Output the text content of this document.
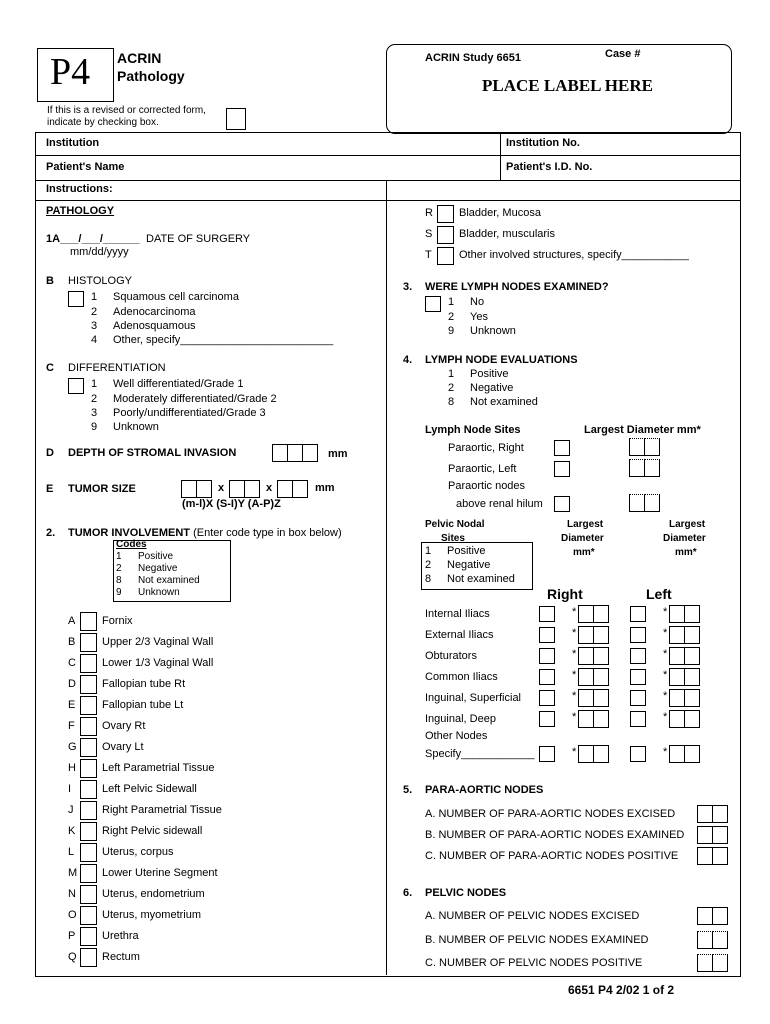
P4 ACRIN
Pathology
If this is a revised or corrected form,
indicate by checking box.
ACRIN Study 6651	Case #
PLACE LABEL HERE
Institution	Institution No.
Patient's Name	Patient's I.D. No.
Instructions:
PATHOLOGY
1A___/___/______ DATE OF SURGERY
mm/dd/yyyy
B HISTOLOGY
1 Squamous cell carcinoma
2 Adenocarcinoma
3 Adenosquamous
4 Other, specify_________________________
C DIFFERENTIATION
1 Well differentiated/Grade 1
2 Moderately differentiated/Grade 2
3 Poorly/undifferentiated/Grade 3
9 Unknown
D DEPTH OF STROMAL INVASION	mm
E TUMOR SIZE	x	x	mm
(m-l)X (S-I)Y (A-P)Z
2. TUMOR INVOLVEMENT (Enter code type in box below)
Codes
1 Positive
2 Negative
8 Not examined
9 Unknown
A Fornix
B Upper 2/3 Vaginal Wall
C Lower 1/3 Vaginal Wall
D Fallopian tube Rt
E Fallopian tube Lt
F Ovary Rt
G Ovary Lt
H Left Parametrial Tissue
I	Left Pelvic Sidewall
J	Right Parametrial Tissue
K Right Pelvic sidewall
L	Uterus, corpus
M Lower Uterine Segment
N Uterus, endometrium
O Uterus, myometrium
P Urethra
Q Rectum
R Bladder, Mucosa
S Bladder, muscularis
T Other involved structures, specify___________
3. WERE LYMPH NODES EXAMINED?
1 No
2 Yes
9 Unknown
4. LYMPH NODE EVALUATIONS
1 Positive
2 Negative
8 Not examined
Lymph Node Sites	Largest Diameter mm*
Paraortic, Right
Paraortic, Left
Paraortic nodes
above renal hilum
Pelvic Nodal
Sites
Largest
Diameter
mm*
Largest
Diameter
mm*
1 Positive
2 Negative
8 Not examined
Right	Left
Internal Iliacs	*	*
External Iliacs	*	*
Obturators	*	*
Common Iliacs	*	*
Inguinal, Superficial	*	*
Inguinal, Deep	*	*
Other Nodes
Specify____________	*	*
5. PARA-AORTIC NODES
A. NUMBER OF PARA-AORTIC NODES EXCISED
B. NUMBER OF PARA-AORTIC NODES EXAMINED
C. NUMBER OF PARA-AORTIC NODES POSITIVE
6. PELVIC NODES
A. NUMBER OF PELVIC NODES EXCISED
B. NUMBER OF PELVIC NODES EXAMINED
C. NUMBER OF PELVIC NODES POSITIVE
6651 P4 2/02 1 of 2
